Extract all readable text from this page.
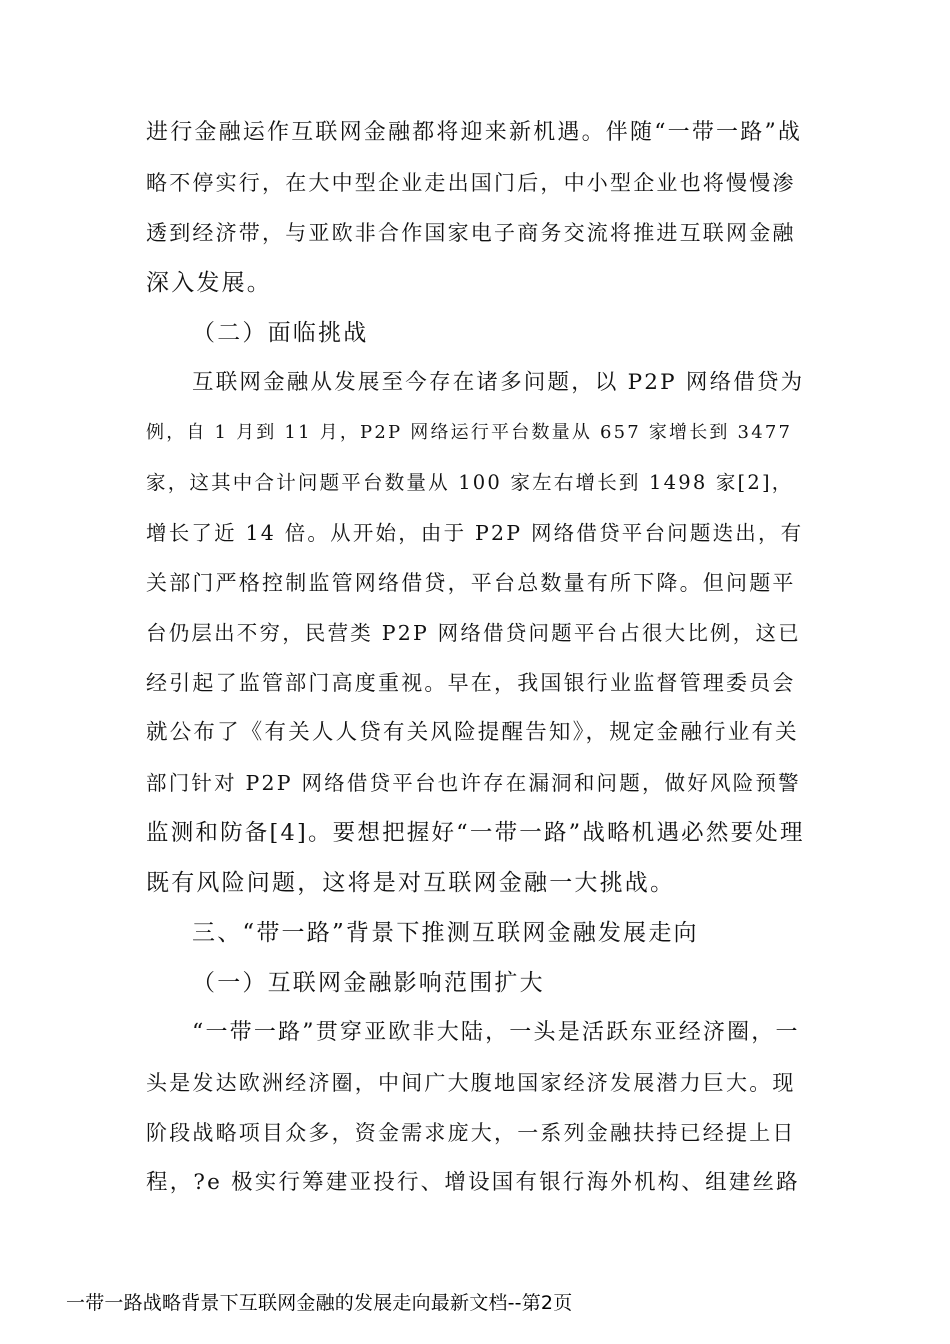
进行金融运作互联网金融都将迎来新机遇。伴随“一带一路”战
略不停实行，在大中型企业走出国门后，中小型企业也将慢慢渗
透到经济带，与亚欧非合作国家电子商务交流将推进互联网金融
深入发展。
（二）面临挑战
互联网金融从发展至今存在诸多问题，以 P2P 网络借贷为
例，自 1 月到 11 月，P2P 网络运行平台数量从 657 家增长到 3477
家，这其中合计问题平台数量从 100 家左右增长到 1498 家[2]，
增长了近 14 倍。从开始，由于 P2P 网络借贷平台问题迭出，有
关部门严格控制监管网络借贷，平台总数量有所下降。但问题平
台仍层出不穷，民营类 P2P 网络借贷问题平台占很大比例，这已
经引起了监管部门高度重视。早在，我国银行业监督管理委员会
就公布了《有关人人贷有关风险提醒告知》，规定金融行业有关
部门针对 P2P 网络借贷平台也许存在漏洞和问题，做好风险预警
监测和防备[4]。要想把握好“一带一路”战略机遇必然要处理
既有风险问题，这将是对互联网金融一大挑战。
三、“带一路”背景下推测互联网金融发展走向
（一）互联网金融影响范围扩大
“一带一路”贯穿亚欧非大陆，一头是活跃东亚经济圈，一
头是发达欧洲经济圈，中间广大腹地国家经济发展潜力巨大。现
阶段战略项目众多，资金需求庞大，一系列金融扶持已经提上日
程，?e 极实行筹建亚投行、增设国有银行海外机构、组建丝路
一带一路战略背景下互联网金融的发展走向最新文档--第2页
